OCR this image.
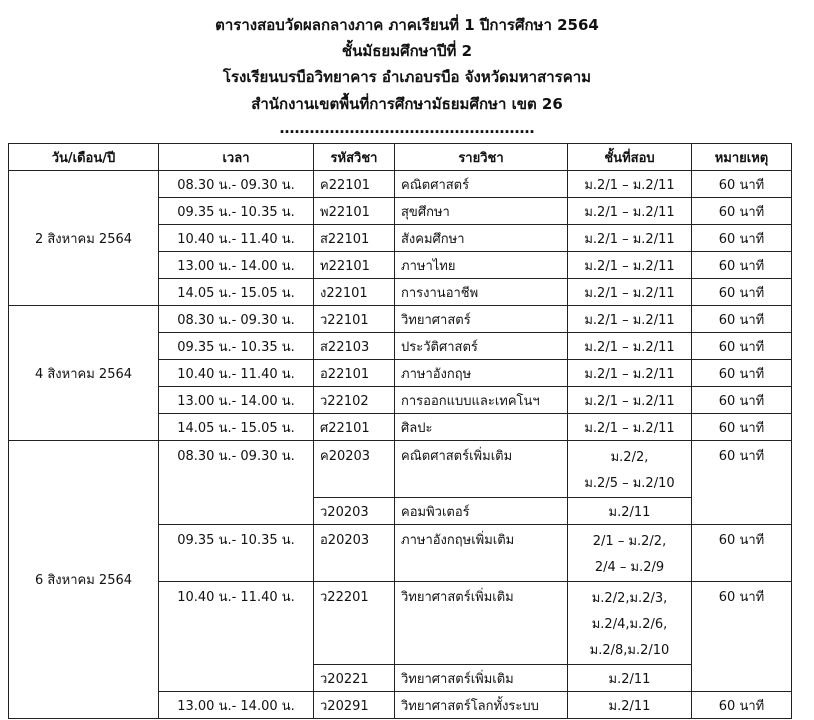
ตารางสอบวัดผลกลางภาค ภาคเรียนที่ 1 ปีการศึกษา 2564
ชั้นมัธยมศึกษาปีที่ 2
โรงเรียนบรบือวิทยาคาร อำเภอบรบือ จังหวัดมหาสารคาม
สำนักงานเขตพื้นที่การศึกษามัธยมศึกษา เขต 26
……………………………………………
วัน/เดือน/ปี	เวลา	รหัสวิชา	รายวิชา	ชั้นที่สอบ	หมายเหตุ
2 สิงหาคม 2564	08.30 น.- 09.30 น.	ค22101	คณิตศาสตร์	ม.2/1 – ม.2/11	60 นาที
	09.35 น.- 10.35 น.	พ22101	สุขศึกษา	ม.2/1 – ม.2/11	60 นาที
	10.40 น.- 11.40 น.	ส22101	สังคมศึกษา	ม.2/1 – ม.2/11	60 นาที
	13.00 น.- 14.00 น.	ท22101	ภาษาไทย	ม.2/1 – ม.2/11	60 นาที
	14.05 น.- 15.05 น.	ง22101	การงานอาชีพ	ม.2/1 – ม.2/11	60 นาที
4 สิงหาคม 2564	08.30 น.- 09.30 น.	ว22101	วิทยาศาสตร์	ม.2/1 – ม.2/11	60 นาที
	09.35 น.- 10.35 น.	ส22103	ประวัติศาสตร์	ม.2/1 – ม.2/11	60 นาที
	10.40 น.- 11.40 น.	อ22101	ภาษาอังกฤษ	ม.2/1 – ม.2/11	60 นาที
	13.00 น.- 14.00 น.	ว22102	การออกแบบและเทคโนฯ	ม.2/1 – ม.2/11	60 นาที
	14.05 น.- 15.05 น.	ศ22101	ศิลปะ	ม.2/1 – ม.2/11	60 นาที
6 สิงหาคม 2564	08.30 น.- 09.30 น.	ค20203	คณิตศาสตร์เพิ่มเติม	ม.2/2,
ม.2/5 – ม.2/10	60 นาที
		ว20203	คอมพิวเตอร์	ม.2/11	
	09.35 น.- 10.35 น.	อ20203	ภาษาอังกฤษเพิ่มเติม	2/1 – ม.2/2,
2/4 – ม.2/9	60 นาที
	10.40 น.- 11.40 น.	ว22201	วิทยาศาสตร์เพิ่มเติม	ม.2/2,ม.2/3,
ม.2/4,ม.2/6,
ม.2/8,ม.2/10	60 นาที
		ว20221	วิทยาศาสตร์เพิ่มเติม	ม.2/11	
	13.00 น.- 14.00 น.	ว20291	วิทยาศาสตร์โลกทั้งระบบ	ม.2/11	60 นาที
